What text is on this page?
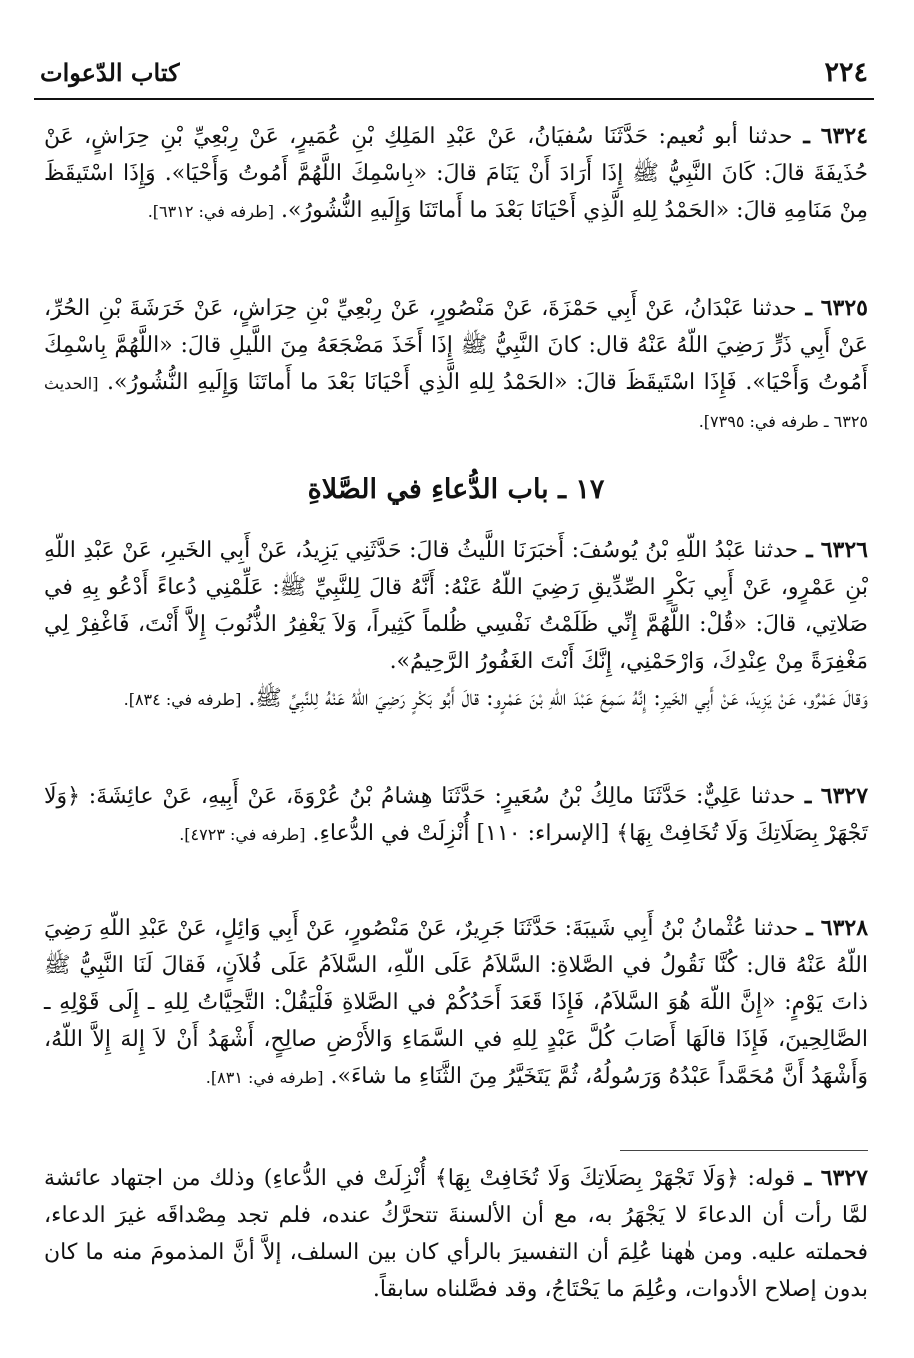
٢٢٤
كتاب الدّعوات

٦٣٢٤ ـ حدثنا أبو نُعيم: حَدَّثَنَا سُفيَانُ، عَنْ عَبْدِ المَلِكِ بْنِ عُمَيرٍ، عَنْ رِبْعِيِّ بْنِ حِرَاشٍ، عَنْ حُذَيفَةَ قالَ: كَانَ النَّبِيُّ ﷺ إِذَا أَرَادَ أَنْ يَنَامَ قالَ: «بِاسْمِكَ اللَّهُمَّ أَمُوتُ وَأَحْيَا». وَإِذَا اسْتَيقَظَ مِنْ مَنَامِهِ قالَ: «الحَمْدُ لِلهِ الَّذِي أَحْيَانَا بَعْدَ ما أَماتَنَا وَإِلَيهِ النُّشُورُ». [طرفه في: ٦٣١٢].

٦٣٢٥ ـ حدثنا عَبْدَانُ، عَنْ أَبِي حَمْزَةَ، عَنْ مَنْصُورٍ، عَنْ رِبْعِيِّ بْنِ حِرَاشٍ، عَنْ خَرَشَةَ بْنِ الحُرِّ، عَنْ أَبِي ذَرٍّ رَضِيَ اللّهُ عَنْهُ قال: كانَ النَّبِيُّ ﷺ إِذَا أَخَذَ مَضْجَعَهُ مِنَ اللَّيلِ قالَ: «اللَّهُمَّ بِاسْمِكَ أَمُوتُ وَأَحْيَا». فَإِذَا اسْتَيقَظَ قالَ: «الحَمْدُ لِلهِ الَّذِي أَحْيَانَا بَعْدَ ما أَماتَنَا وَإِلَيهِ النُّشُورُ». [الحديث ٦٣٢٥ ـ طرفه في: ٧٣٩٥].

١٧ ـ باب الدُّعاءِ في الصَّلاةِ

٦٣٢٦ ـ حدثنا عَبْدُ اللّهِ بْنُ يُوسُفَ: أَخبَرَنَا اللَّيثُ قالَ: حَدَّثَنِي يَزِيدُ، عَنْ أَبِي الخَيرِ، عَنْ عَبْدِ اللّهِ بْنِ عَمْرٍو، عَنْ أَبِي بَكْرٍ الصِّدِّيقِ رَضِيَ اللّهُ عَنْهُ: أَنَّهُ قالَ لِلنَّبِيِّ ﷺ: عَلِّمْنِي دُعاءً أَدْعُو بِهِ في صَلاتِي، قالَ: «قُلْ: اللَّهُمَّ إِنِّي ظَلَمْتُ نَفْسِي ظُلماً كَثِيراً، وَلاَ يَغْفِرُ الذُّنُوبَ إِلاَّ أَنْتَ، فَاغْفِرْ لِي مَغْفِرَةً مِنْ عِنْدِكَ، وَارْحَمْنِي، إِنَّكَ أَنْتَ الغَفُورُ الرَّحِيمُ».
وَقالَ عَمْرٌو، عَنْ يَزِيدَ، عَنْ أَبِي الخَيرِ: إِنَّهُ سَمِعَ عَبْدَ اللّهِ بْنَ عَمْرٍو: قالَ أَبُو بَكْرٍ رَضِيَ اللّهُ عَنْهُ لِلنَّبِيِّ ﷺ. [طرفه في: ٨٣٤].

٦٣٢٧ ـ حدثنا عَلِيٌّ: حَدَّثَنَا مالِكُ بْنُ سُعَيرٍ: حَدَّثَنَا هِشامُ بْنُ عُرْوَةَ، عَنْ أَبِيهِ، عَنْ عائِشَةَ: ﴿وَلَا تَجْهَرْ بِصَلَاتِكَ وَلَا تُخَافِتْ بِهَا﴾ [الإسراء: ١١٠] أُنْزِلَتْ في الدُّعاءِ. [طرفه في: ٤٧٢٣].

٦٣٢٨ ـ حدثنا عُثْمانُ بْنُ أَبِي شَيبَةَ: حَدَّثَنَا جَرِيرٌ، عَنْ مَنْصُورٍ، عَنْ أَبِي وَائِلٍ، عَنْ عَبْدِ اللّهِ رَضِيَ اللّهُ عَنْهُ قال: كُنَّا نَقُولُ في الصَّلاةِ: السَّلاَمُ عَلَى اللّهِ، السَّلاَمُ عَلَى فُلاَنٍ، فَقالَ لَنَا النَّبِيُّ ﷺ ذاتَ يَوْمٍ: «إِنَّ اللّهَ هُوَ السَّلاَمُ، فَإِذَا قَعَدَ أَحَدُكُمْ في الصَّلاةِ فَلْيَقُلْ: التَّحِيَّاتُ لِلهِ ـ إِلَى قَوْلِهِ ـ الصَّالِحِينَ، فَإِذَا قالَهَا أَصَابَ كُلَّ عَبْدٍ لِلهِ في السَّمَاءِ وَالأَرْضِ صالِحٍ، أَشْهَدُ أَنْ لاَ إِلهَ إِلاَّ اللّهُ، وَأَشْهَدُ أَنَّ مُحَمَّداً عَبْدُهُ وَرَسُولُهُ، ثُمَّ يَتَخَيَّرُ مِنَ الثَّنَاءِ ما شاءَ». [طرفه في: ٨٣١].

٦٣٢٧ ـ قوله: ﴿وَلَا تَجْهَرْ بِصَلَاتِكَ وَلَا تُخَافِتْ بِهَا﴾ أُنْزِلَتْ في الدُّعاءِ) وذلك من اجتهاد عائشة لمَّا رأت أن الدعاءَ لا يَجْهَرُ به، مع أن الألسنةَ تتحرَّكُ عنده، فلم تجد مِصْداقَه غيرَ الدعاء، فحملته عليه. ومن هٰهنا عُلِمَ أن التفسيرَ بالرأي كان بين السلف، إلاَّ أنَّ المذمومَ منه ما كان بدون إصلاح الأدوات، وعُلِمَ ما يَحْتَاجُ، وقد فصَّلناه سابقاً.
